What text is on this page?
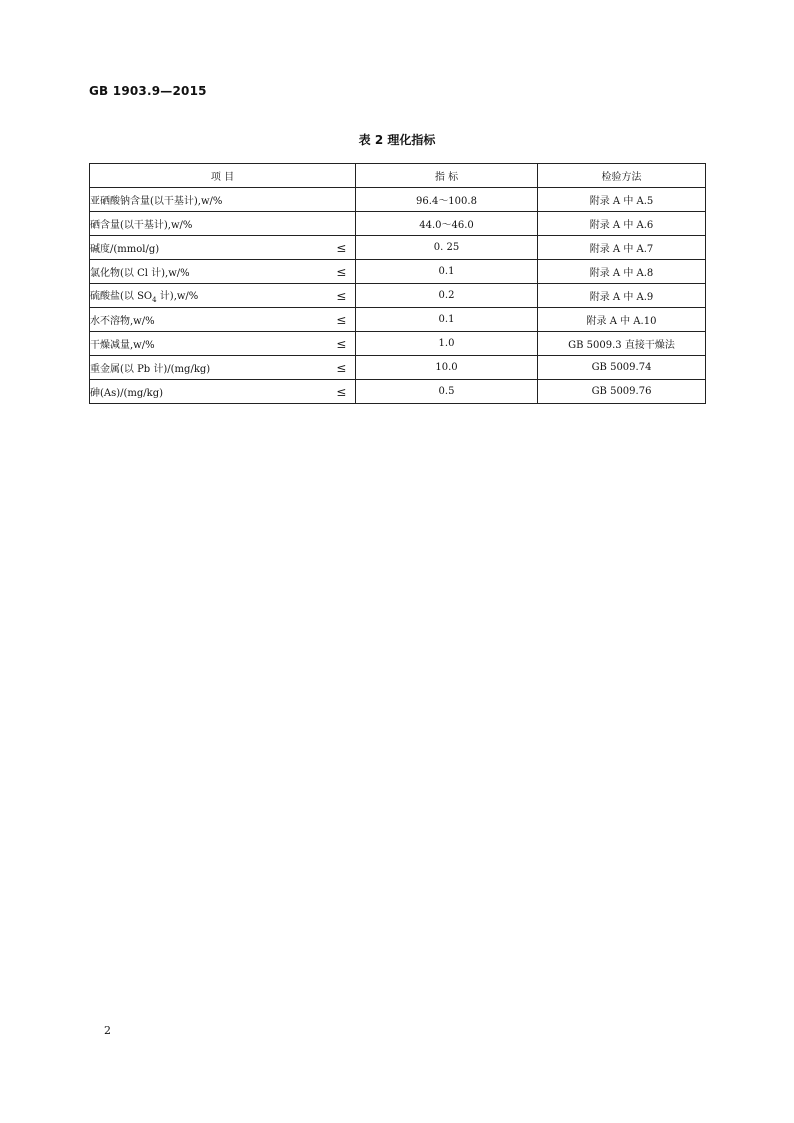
GB 1903.9—2015
表 2 理化指标
项 目		指 标	检验方法
亚硒酸钠含量(以干基计),w/%		96.4～100.8	附录 A 中 A.5
硒含量(以干基计),w/%		44.0～46.0	附录 A 中 A.6
碱度/(mmol/g)	≤	0. 25	附录 A 中 A.7
氯化物(以 Cl 计),w/%	≤	0.1	附录 A 中 A.8
硫酸盐(以 $SO_4$ 计),w/%	≤	0.2	附录 A 中 A.9
水不溶物,w/%	≤	0.1	附录 A 中 A.10
干燥减量,w/%	≤	1.0	GB 5009.3 直接干燥法
重金属(以 Pb 计)/(mg/kg)	≤	10.0	GB 5009.74
砷(As)/(mg/kg)	≤	0.5	GB 5009.76
2
